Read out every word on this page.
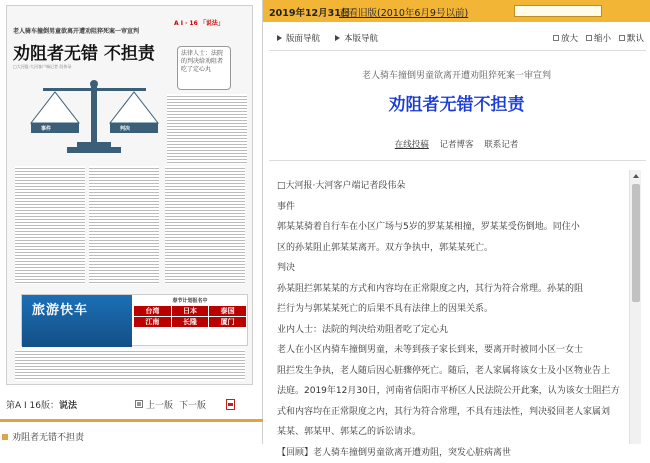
A I · 16 「说法」
老人骑车撞倒男童欲离开遭劝阻猝死案一审宣判
劝阻者无错 不担责
□大河报·大河客户端记者 段伟朵
法律人士：法院的判决给劝阻者吃了定心丸
事件	判决
旅游快车
春节计划报名中
台湾	日本	泰国
江南	长隆	厦门
第A I 16版：说法	上一版 下一版
劝阻者无错不担责
2019年12月31日
查看旧版(2010年6月9号以前)
版面导航	本版导航	放大 缩小 默认
老人骑车撞倒男童欲离开遭劝阻猝死案一审宣判
劝阻者无错不担责
在线投稿 记者博客 联系记者

□大河报·大河客户端记者段伟朵

事件

郭某某骑着自行车在小区广场与5岁的罗某某相撞，罗某某受伤倒地。同住小

区的孙某阻止郭某某离开。双方争执中，郭某某死亡。

判决

孙某阻拦郭某某的方式和内容均在正常限度之内，其行为符合常理。孙某的阻

拦行为与郭某某死亡的后果不具有法律上的因果关系。

业内人士：法院的判决给劝阻者吃了定心丸

老人在小区内骑车撞倒男童，未等到孩子家长到来，要离开时被同小区一女士

阻拦发生争执，老人随后因心脏骤停死亡。随后，老人家属将该女士及小区物业告上

法庭。2019年12月30日，河南省信阳市平桥区人民法院公开此案，认为该女士阻拦方

式和内容均在正常限度之内，其行为符合常理，不具有违法性，判决驳回老人家属刘

某某、郭某甲、郭某乙的诉讼请求。

【回顾】老人骑车撞倒男童欲离开遭劝阻，突发心脏病离世
